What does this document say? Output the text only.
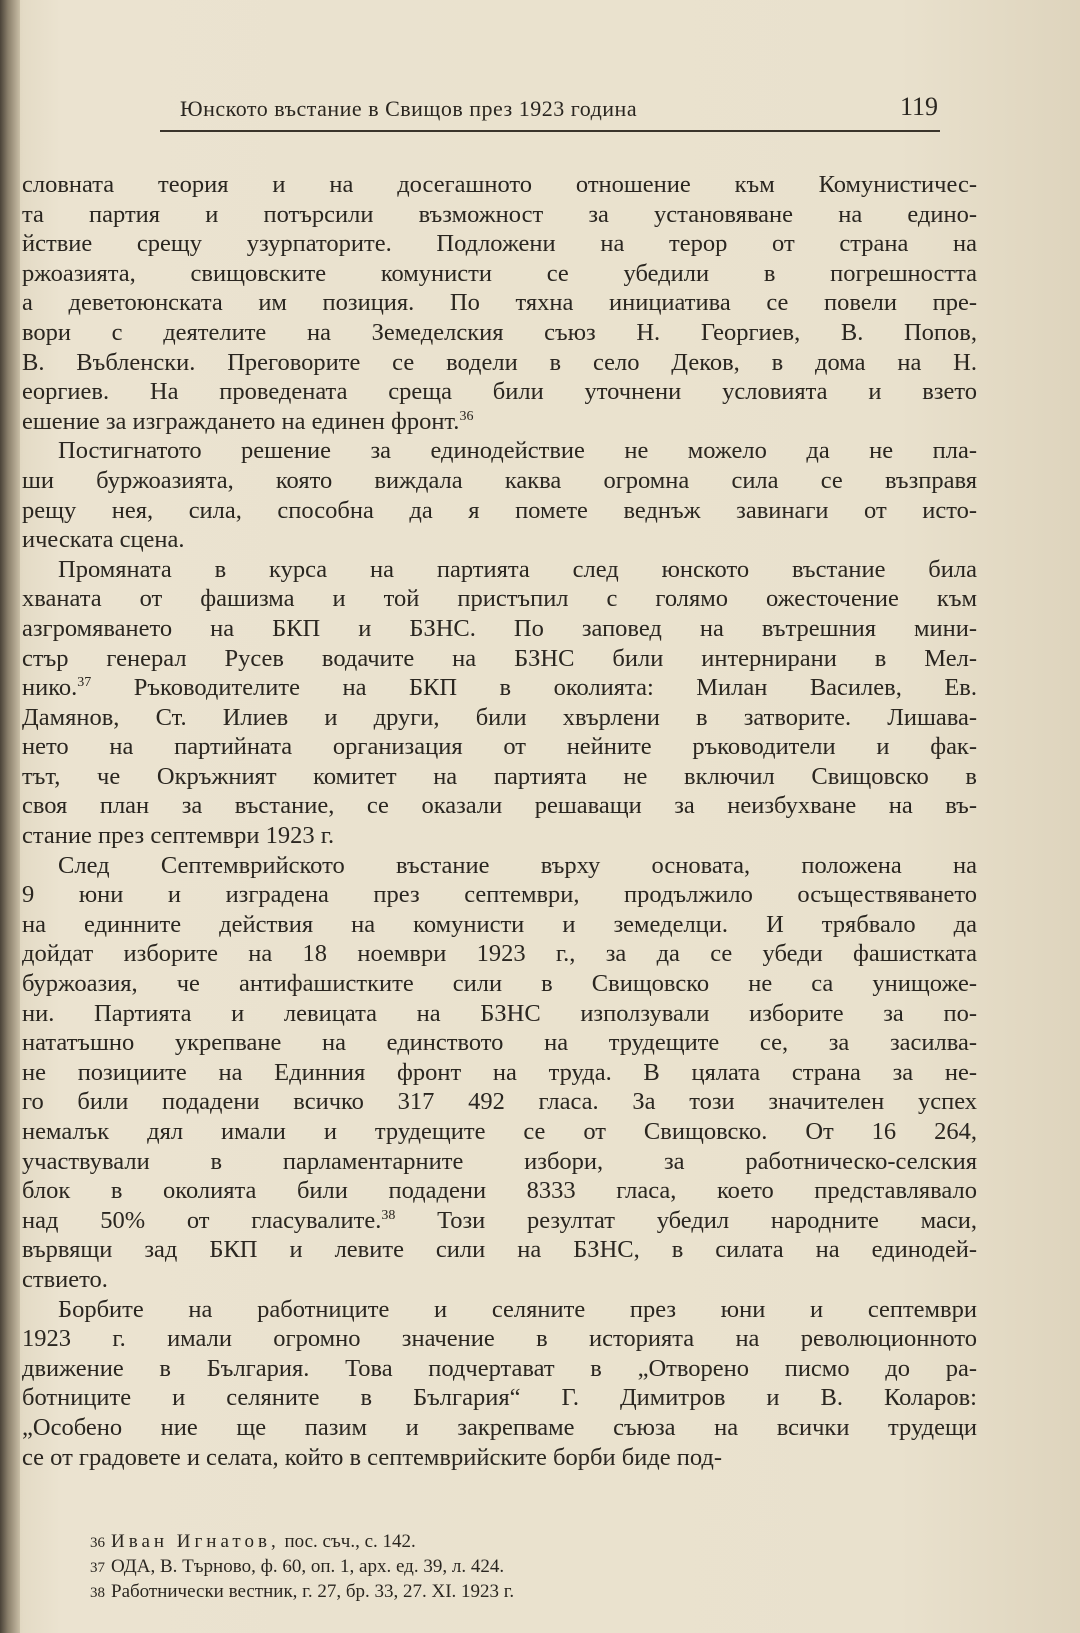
Юнското въстание в Свищов през 1923 година	119
словната теория и на досегашното отношение към Комунистичес-
та партия и потърсили възможност за установяване на едино-
йствие срещу узурпаторите. Подложени на терор от страна на
ржоазията, свищовските комунисти се убедили в погрешността
а деветоюнската им позиция. По тяхна инициатива се повели пре-
вори с деятелите на Земеделския съюз Н. Георгиев, В. Попов,
В. Въбленски. Преговорите се водели в село Деков, в дома на Н.
еоргиев. На проведената среща били уточнени условията и взето
ешение за изграждането на единен фронт.$^{36}$
Постигнатото решение за единодействие не можело да не пла-
ши буржоазията, която виждала каква огромна сила се възправя
рещу нея, сила, способна да я помете веднъж завинаги от исто-
ическата сцена.
Промяната в курса на партията след юнското въстание била
хваната от фашизма и той пристъпил с голямо ожесточение към
азгромяването на БКП и БЗНС. По заповед на вътрешния мини-
стър генерал Русев водачите на БЗНС били интернирани в Мел-
нико.$^{37}$ Ръководителите на БКП в околията: Милан Василев, Ев.
Дамянов, Ст. Илиев и други, били хвърлени в затворите. Лишава-
нето на партийната организация от нейните ръководители и фак-
тът, че Окръжният комитет на партията не включил Свищовско в
своя план за въстание, се оказали решаващи за неизбухване на въ-
стание през септември 1923 г.
След Септемврийското въстание върху основата, положена на
9 юни и изградена през септември, продължило осъществяването
на единните действия на комунисти и земеделци. И трябвало да
дойдат изборите на 18 ноември 1923 г., за да се убеди фашистката
буржоазия, че антифашистките сили в Свищовско не са унищоже-
ни. Партията и левицата на БЗНС използували изборите за по-
нататъшно укрепване на единството на трудещите се, за засилва-
не позициите на Единния фронт на труда. В цялата страна за не-
го били подадени всичко 317 492 гласа. За този значителен успех
немалък дял имали и трудещите се от Свищовско. От 16 264,
участвували в парламентарните избори, за работническо-селския
блок в околията били подадени 8333 гласа, което представлявало
над 50% от гласувалите.$^{38}$ Този резултат убедил народните маси,
вървящи зад БКП и левите сили на БЗНС, в силата на единодей-
ствието.
Борбите на работниците и селяните през юни и септември
1923 г. имали огромно значение в историята на революционното
движение в България. Това подчертават в „Отворено писмо до ра-
ботниците и селяните в България“ Г. Димитров и В. Коларов:
„Особено ние ще пазим и закрепваме съюза на всички трудещи
се от градовете и селата, който в септемврийските борби биде под-
36 Иван Игнатов, пос. съч., с. 142.
37 ОДА, В. Търново, ф. 60, оп. 1, арх. ед. 39, л. 424.
38 Работнически вестник, г. 27, бр. 33, 27. XI. 1923 г.
